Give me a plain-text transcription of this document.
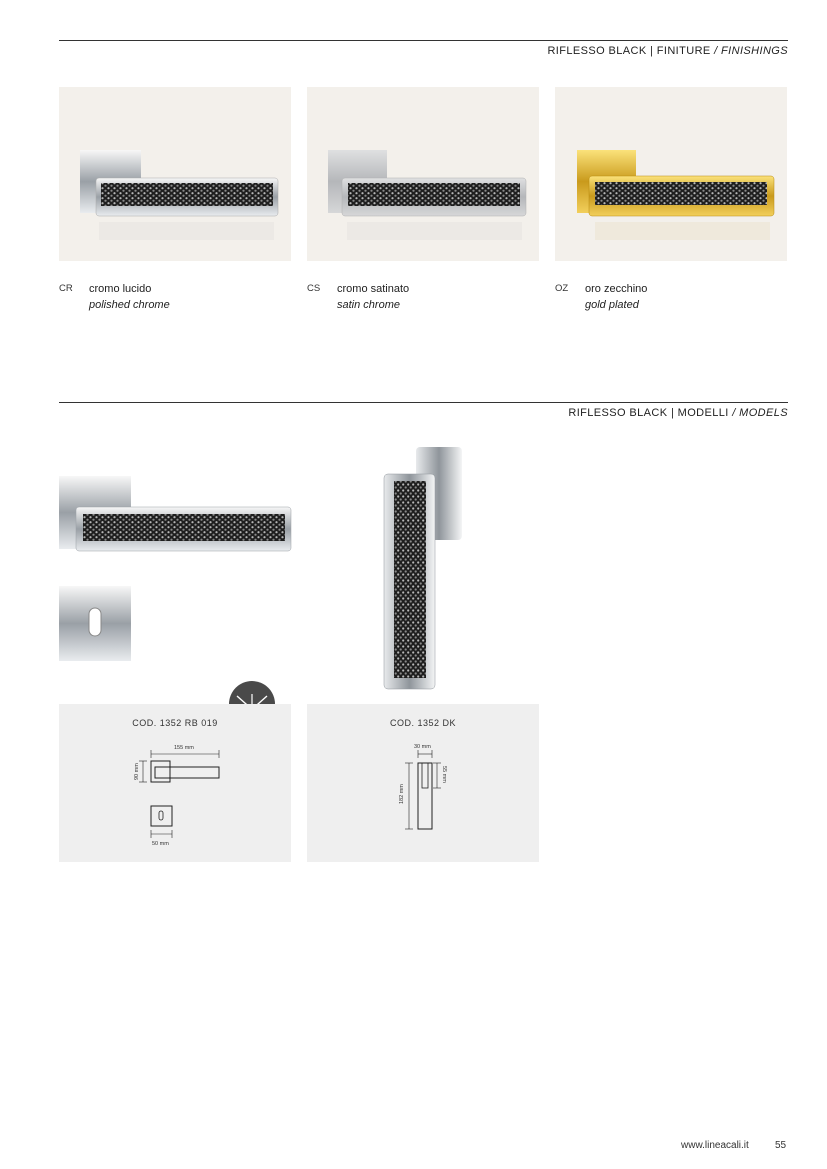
RIFLESSO BLACK | FINITURE / FINISHINGS
CR cromo lucido
polished chrome
CS cromo satinato
satin chrome
OZ oro zecchino
gold plated
RIFLESSO BLACK | MODELLI / MODELS
COD. 1352 RB 019
155 mm
90 mm
50 mm
COD. 1352 DK
30 mm
182 mm
55 mm
www.lineacali.it	55
